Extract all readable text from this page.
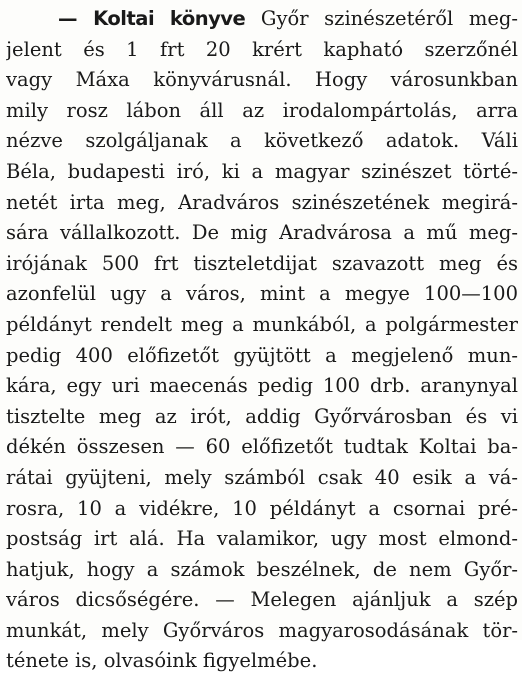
— Koltai könyve Győr szinészetéről meg-
jelent és 1 frt 20 krért kapható szerzőnél
vagy Máxa könyvárusnál. Hogy városunkban
mily rosz lábon áll az irodalompártolás, arra
nézve szolgáljanak a következő adatok. Váli
Béla, budapesti iró, ki a magyar szinészet törté-
netét irta meg, Aradváros szinészetének megirá-
sára vállalkozott. De mig Aradvárosa a mű meg-
irójának 500 frt tiszteletdijat szavazott meg és
azonfelül ugy a város, mint a megye 100—100
példányt rendelt meg a munkából, a polgármester
pedig 400 előfizetőt gyüjtött a megjelenő mun-
kára, egy uri maecenás pedig 100 drb. aranynyal
tisztelte meg az irót, addig Győrvárosban és vi
dékén összesen — 60 előfizetőt tudtak Koltai ba-
rátai gyüjteni, mely számból csak 40 esik a vá-
rosra, 10 a vidékre, 10 példányt a csornai pré-
postság irt alá. Ha valamikor, ugy most elmond-
hatjuk, hogy a számok beszélnek, de nem Győr-
város dicsőségére. — Melegen ajánljuk a szép
munkát, mely Győrváros magyarosodásának tör-
ténete is, olvasóink figyelmébe.
